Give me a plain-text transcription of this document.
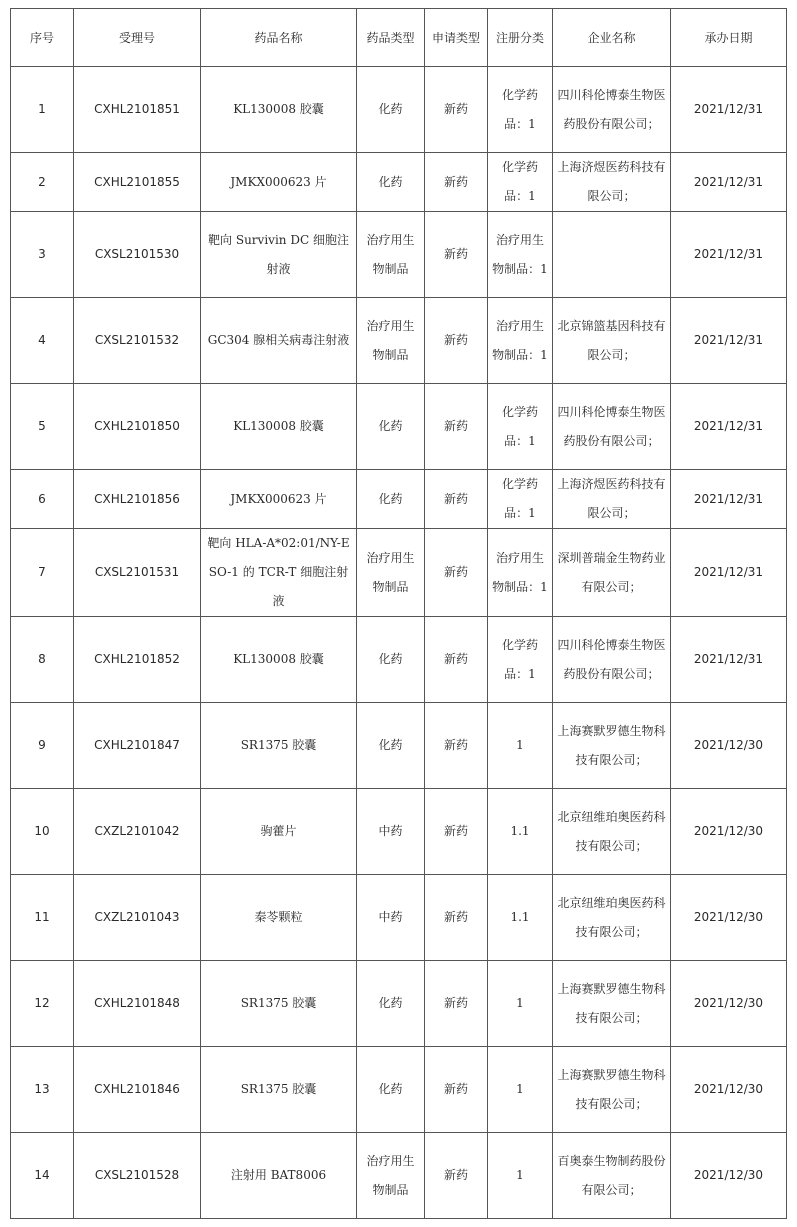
序号	受理号	药品名称	药品类型	申请类型	注册分类	企业名称	承办日期
1	CXHL2101851	KL130008 胶囊	化药	新药	化学药品：1	四川科伦博泰生物医药股份有限公司；	2021/12/31
2	CXHL2101855	JMKX000623 片	化药	新药	化学药品：1	上海济煜医药科技有限公司；	2021/12/31
3	CXSL2101530	靶向 Survivin DC 细胞注射液	治疗用生物制品	新药	治疗用生物制品：1		2021/12/31
4	CXSL2101532	GC304 腺相关病毒注射液	治疗用生物制品	新药	治疗用生物制品：1	北京锦篮基因科技有限公司；	2021/12/31
5	CXHL2101850	KL130008 胶囊	化药	新药	化学药品：1	四川科伦博泰生物医药股份有限公司；	2021/12/31
6	CXHL2101856	JMKX000623 片	化药	新药	化学药品：1	上海济煜医药科技有限公司；	2021/12/31
7	CXSL2101531	靶向 HLA-A*02:01/NY-ESO-1 的 TCR-T 细胞注射液	治疗用生物制品	新药	治疗用生物制品：1	深圳普瑞金生物药业有限公司；	2021/12/31
8	CXHL2101852	KL130008 胶囊	化药	新药	化学药品：1	四川科伦博泰生物医药股份有限公司；	2021/12/31
9	CXHL2101847	SR1375 胶囊	化药	新药	1	上海赛默罗德生物科技有限公司；	2021/12/30
10	CXZL2101042	驹藿片	中药	新药	1.1	北京纽维珀奥医药科技有限公司；	2021/12/30
11	CXZL2101043	秦苓颗粒	中药	新药	1.1	北京纽维珀奥医药科技有限公司；	2021/12/30
12	CXHL2101848	SR1375 胶囊	化药	新药	1	上海赛默罗德生物科技有限公司；	2021/12/30
13	CXHL2101846	SR1375 胶囊	化药	新药	1	上海赛默罗德生物科技有限公司；	2021/12/30
14	CXSL2101528	注射用 BAT8006	治疗用生物制品	新药	1	百奥泰生物制药股份有限公司；	2021/12/30
